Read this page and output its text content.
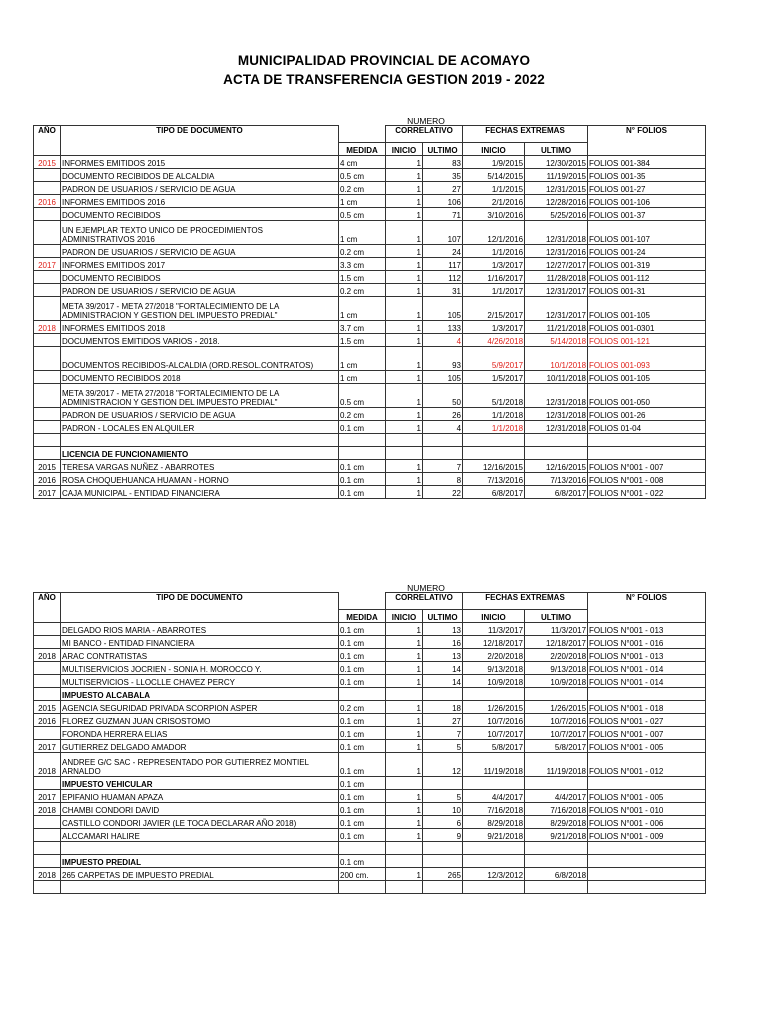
MUNICIPALIDAD PROVINCIAL DE ACOMAYO
ACTA DE TRANSFERENCIA GESTION 2019 - 2022
NUMERO
AÑO	TIPO DE DOCUMENTO		CORRELATIVO		FECHAS EXTREMAS		N° FOLIOS
		MEDIDA	INICIO	ULTIMO	INICIO	ULTIMO	
2015	INFORMES EMITIDOS 2015	4 cm	1	83	1/9/2015	12/30/2015	FOLIOS 001-384
	DOCUMENTO RECIBIDOS DE ALCALDIA	0.5 cm	1	35	5/14/2015	11/19/2015	FOLIOS 001-35
	PADRON DE USUARIOS / SERVICIO DE AGUA	0.2 cm	1	27	1/1/2015	12/31/2015	FOLIOS 001-27
2016	INFORMES EMITIDOS 2016	1 cm	1	106	2/1/2016	12/28/2016	FOLIOS 001-106
	DOCUMENTO RECIBIDOS	0.5 cm	1	71	3/10/2016	5/25/2016	FOLIOS 001-37
	UN EJEMPLAR TEXTO UNICO DE PROCEDIMIENTOS ADMINISTRATIVOS 2016	1 cm	1	107	12/1/2016	12/31/2018	FOLIOS 001-107
	PADRON DE USUARIOS / SERVICIO DE AGUA	0.2 cm	1	24	1/1/2016	12/31/2016	FOLIOS 001-24
2017	INFORMES EMITIDOS 2017	3.3 cm	1	117	1/3/2017	12/27/2017	FOLIOS 001-319
	DOCUMENTO RECIBIDOS	1.5 cm	1	112	1/16/2017	11/28/2018	FOLIOS 001-112
	PADRON DE USUARIOS / SERVICIO DE AGUA	0.2 cm	1	31	1/1/2017	12/31/2017	FOLIOS 001-31
	META 39/2017 - META 27/2018 "FORTALECIMIENTO DE LA ADMINISTRACION Y GESTION DEL IMPUESTO PREDIAL"	1 cm	1	105	2/15/2017	12/31/2017	FOLIOS 001-105
2018	INFORMES EMITIDOS 2018	3.7 cm	1	133	1/3/2017	11/21/2018	FOLIOS 001-0301
	DOCUMENTOS EMITIDOS VARIOS - 2018.	1.5 cm	1	4	4/26/2018	5/14/2018	FOLIOS 001-121
	DOCUMENTOS RECIBIDOS-ALCALDIA (ORD.RESOL.CONTRATOS)	1 cm	1	93	5/9/2017	10/1/2018	FOLIOS 001-093
	DOCUMENTO RECIBIDOS 2018	1 cm	1	105	1/5/2017	10/11/2018	FOLIOS 001-105
	META 39/2017 - META 27/2018 "FORTALECIMIENTO DE LA ADMINISTRACION Y GESTION DEL IMPUESTO PREDIAL"	0.5 cm	1	50	5/1/2018	12/31/2018	FOLIOS 001-050
	PADRON DE USUARIOS / SERVICIO DE AGUA	0.2 cm	1	26	1/1/2018	12/31/2018	FOLIOS 001-26
	PADRON - LOCALES EN ALQUILER	0.1 cm	1	4	1/1/2018	12/31/2018	FOLIOS 01-04

	LICENCIA DE FUNCIONAMIENTO						
2015	TERESA VARGAS NUÑEZ - ABARROTES	0.1 cm	1	7	12/16/2015	12/16/2015	FOLIOS N°001 - 007
2016	ROSA CHOQUEHUANCA HUAMAN - HORNO	0.1 cm	1	8	7/13/2016	7/13/2016	FOLIOS N°001 - 008
2017	CAJA MUNICIPAL - ENTIDAD FINANCIERA	0.1 cm	1	22	6/8/2017	6/8/2017	FOLIOS N°001 - 022
NUMERO
AÑO	TIPO DE DOCUMENTO		CORRELATIVO		FECHAS EXTREMAS		N° FOLIOS
		MEDIDA	INICIO	ULTIMO	INICIO	ULTIMO	
	DELGADO RIOS MARIA - ABARROTES	0.1 cm	1	13	11/3/2017	11/3/2017	FOLIOS N°001 - 013
	MI BANCO - ENTIDAD FINANCIERA	0.1 cm	1	16	12/18/2017	12/18/2017	FOLIOS N°001 - 016
2018	ARAC CONTRATISTAS	0.1 cm	1	13	2/20/2018	2/20/2018	FOLIOS N°001 - 013
	MULTISERVICIOS JOCRIEN - SONIA H. MOROCCO Y.	0.1 cm	1	14	9/13/2018	9/13/2018	FOLIOS N°001 - 014
	MULTISERVICIOS - LLOCLLE CHAVEZ PERCY	0.1 cm	1	14	10/9/2018	10/9/2018	FOLIOS N°001 - 014
	IMPUESTO ALCABALA						
2015	AGENCIA SEGURIDAD PRIVADA SCORPION ASPER	0.2 cm	1	18	1/26/2015	1/26/2015	FOLIOS N°001 - 018
2016	FLOREZ GUZMAN JUAN CRISOSTOMO	0.1 cm	1	27	10/7/2016	10/7/2016	FOLIOS N°001 - 027
	FORONDA HERRERA ELIAS	0.1 cm	1	7	10/7/2017	10/7/2017	FOLIOS N°001 - 007
2017	GUTIERREZ DELGADO AMADOR	0.1 cm	1	5	5/8/2017	5/8/2017	FOLIOS N°001 - 005
2018	ANDREE G/C SAC - REPRESENTADO POR GUTIERREZ MONTIEL ARNALDO	0.1 cm	1	12	11/19/2018	11/19/2018	FOLIOS N°001 - 012
	IMPUESTO VEHICULAR	0.1 cm					
2017	EPIFANIO HUAMAN APAZA	0.1 cm	1	5	4/4/2017	4/4/2017	FOLIOS N°001 - 005
2018	CHAMBI CONDORI DAVID	0.1 cm	1	10	7/16/2018	7/16/2018	FOLIOS N°001 - 010
	CASTILLO CONDORI JAVIER (LE TOCA DECLARAR AÑO 2018)	0.1 cm	1	6	8/29/2018	8/29/2018	FOLIOS N°001 - 006
	ALCCAMARI HALIRE	0.1 cm	1	9	9/21/2018	9/21/2018	FOLIOS N°001 - 009

	IMPUESTO PREDIAL	0.1 cm					
2018	265 CARPETAS DE IMPUESTO PREDIAL	200 cm.	1	265	12/3/2012	6/8/2018	
